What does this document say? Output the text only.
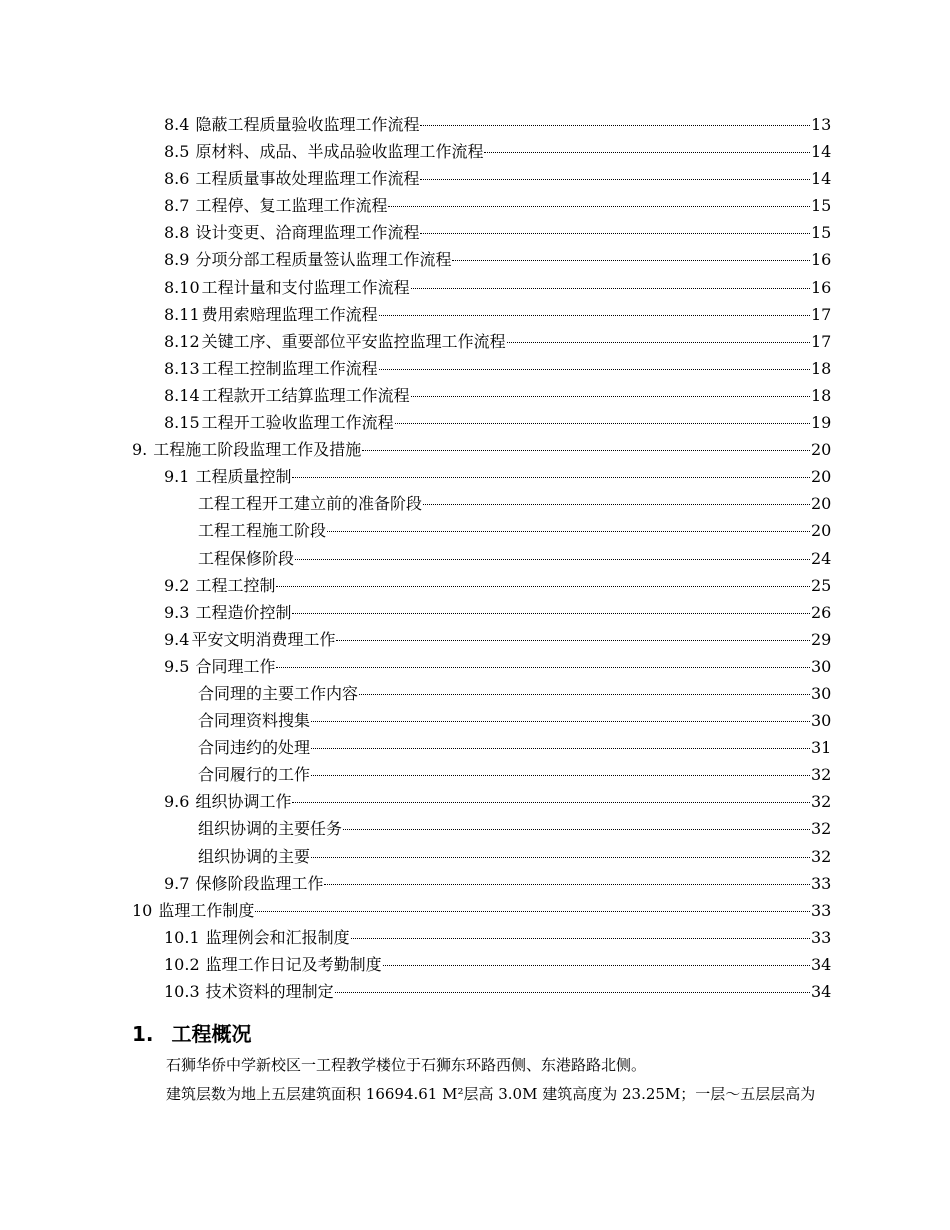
8.4 隐蔽工程质量验收监理工作流程	13
8.5 原材料、成品、半成品验收监理工作流程	14
8.6 工程质量事故处理监理工作流程	14
8.7 工程停、复工监理工作流程	15
8.8 设计变更、洽商理监理工作流程	15
8.9 分项分部工程质量签认监理工作流程	16
8.10 工程计量和支付监理工作流程	16
8.11 费用索赔理监理工作流程	17
8.12 关键工序、重要部位平安监控监理工作流程	17
8.13 工程工控制监理工作流程	18
8.14 工程款开工结算监理工作流程	18
8.15 工程开工验收监理工作流程	19
9. 工程施工阶段监理工作及措施	20
9.1 工程质量控制	20
工程工程开工建立前的准备阶段	20
工程工程施工阶段	20
工程保修阶段	24
9.2 工程工控制	25
9.3 工程造价控制	26
9.4 平安文明消费理工作	29
9.5 合同理工作	30
合同理的主要工作内容	30
合同理资料搜集	30
合同违约的处理	31
合同履行的工作	32
9.6 组织协调工作	32
组织协调的主要任务	32
组织协调的主要	32
9.7 保修阶段监理工作	33
10 监理工作制度	33
10.1 监理例会和汇报制度	33
10.2 监理工作日记及考勤制度	34
10.3 技术资料的理制定	34
1. 工程概况
石狮华侨中学新校区一工程教学楼位于石狮东环路西侧、东港路路北侧。
建筑层数为地上五层建筑面积 16694.61 M²层高 3.0M 建筑高度为 23.25M；一层～五层层高为
